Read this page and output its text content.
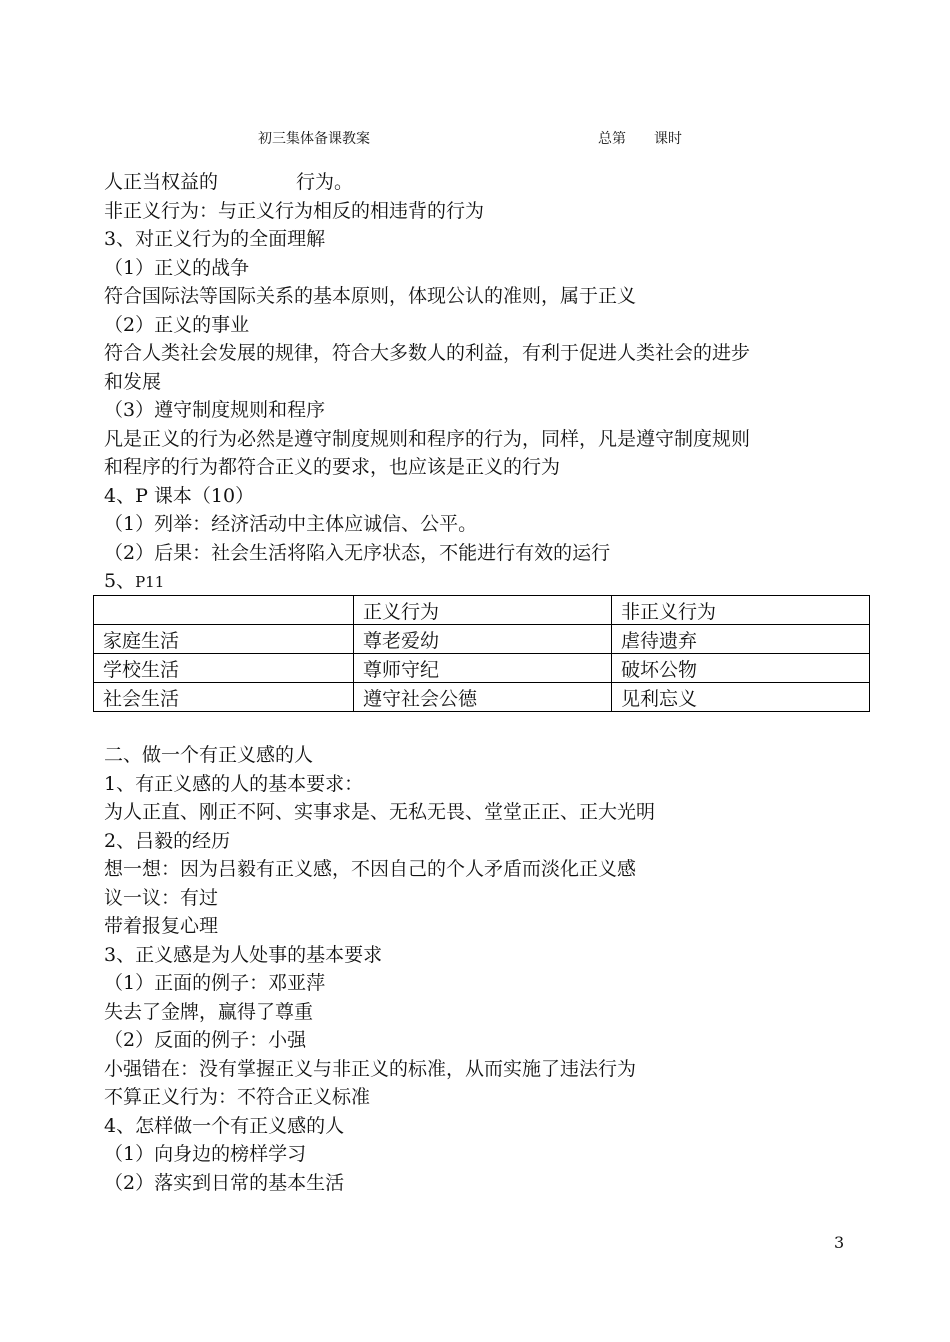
初三集体备课教案	总第 课时
人正当权益的	行为。
非正义行为：与正义行为相反的相违背的行为
3、对正义行为的全面理解
（1）正义的战争
符合国际法等国际关系的基本原则，体现公认的准则，属于正义
（2）正义的事业
符合人类社会发展的规律，符合大多数人的利益，有利于促进人类社会的进步
和发展
（3）遵守制度规则和程序
凡是正义的行为必然是遵守制度规则和程序的行为，同样，凡是遵守制度规则
和程序的行为都符合正义的要求，也应该是正义的行为
4、P 课本（10）
（1）列举：经济活动中主体应诚信、公平。
（2）后果：社会生活将陷入无序状态，不能进行有效的运行
5、P11
	正义行为	非正义行为
家庭生活	尊老爱幼	虐待遗弃
学校生活	尊师守纪	破坏公物
社会生活	遵守社会公德	见利忘义
二、做一个有正义感的人
1、有正义感的人的基本要求：
为人正直、刚正不阿、实事求是、无私无畏、堂堂正正、正大光明
2、吕毅的经历
想一想：因为吕毅有正义感，不因自己的个人矛盾而淡化正义感
议一议：有过
带着报复心理
3、正义感是为人处事的基本要求
（1）正面的例子：邓亚萍
失去了金牌，赢得了尊重
（2）反面的例子：小强
小强错在：没有掌握正义与非正义的标准，从而实施了违法行为
不算正义行为：不符合正义标准
4、怎样做一个有正义感的人
（1）向身边的榜样学习
（2）落实到日常的基本生活
3
